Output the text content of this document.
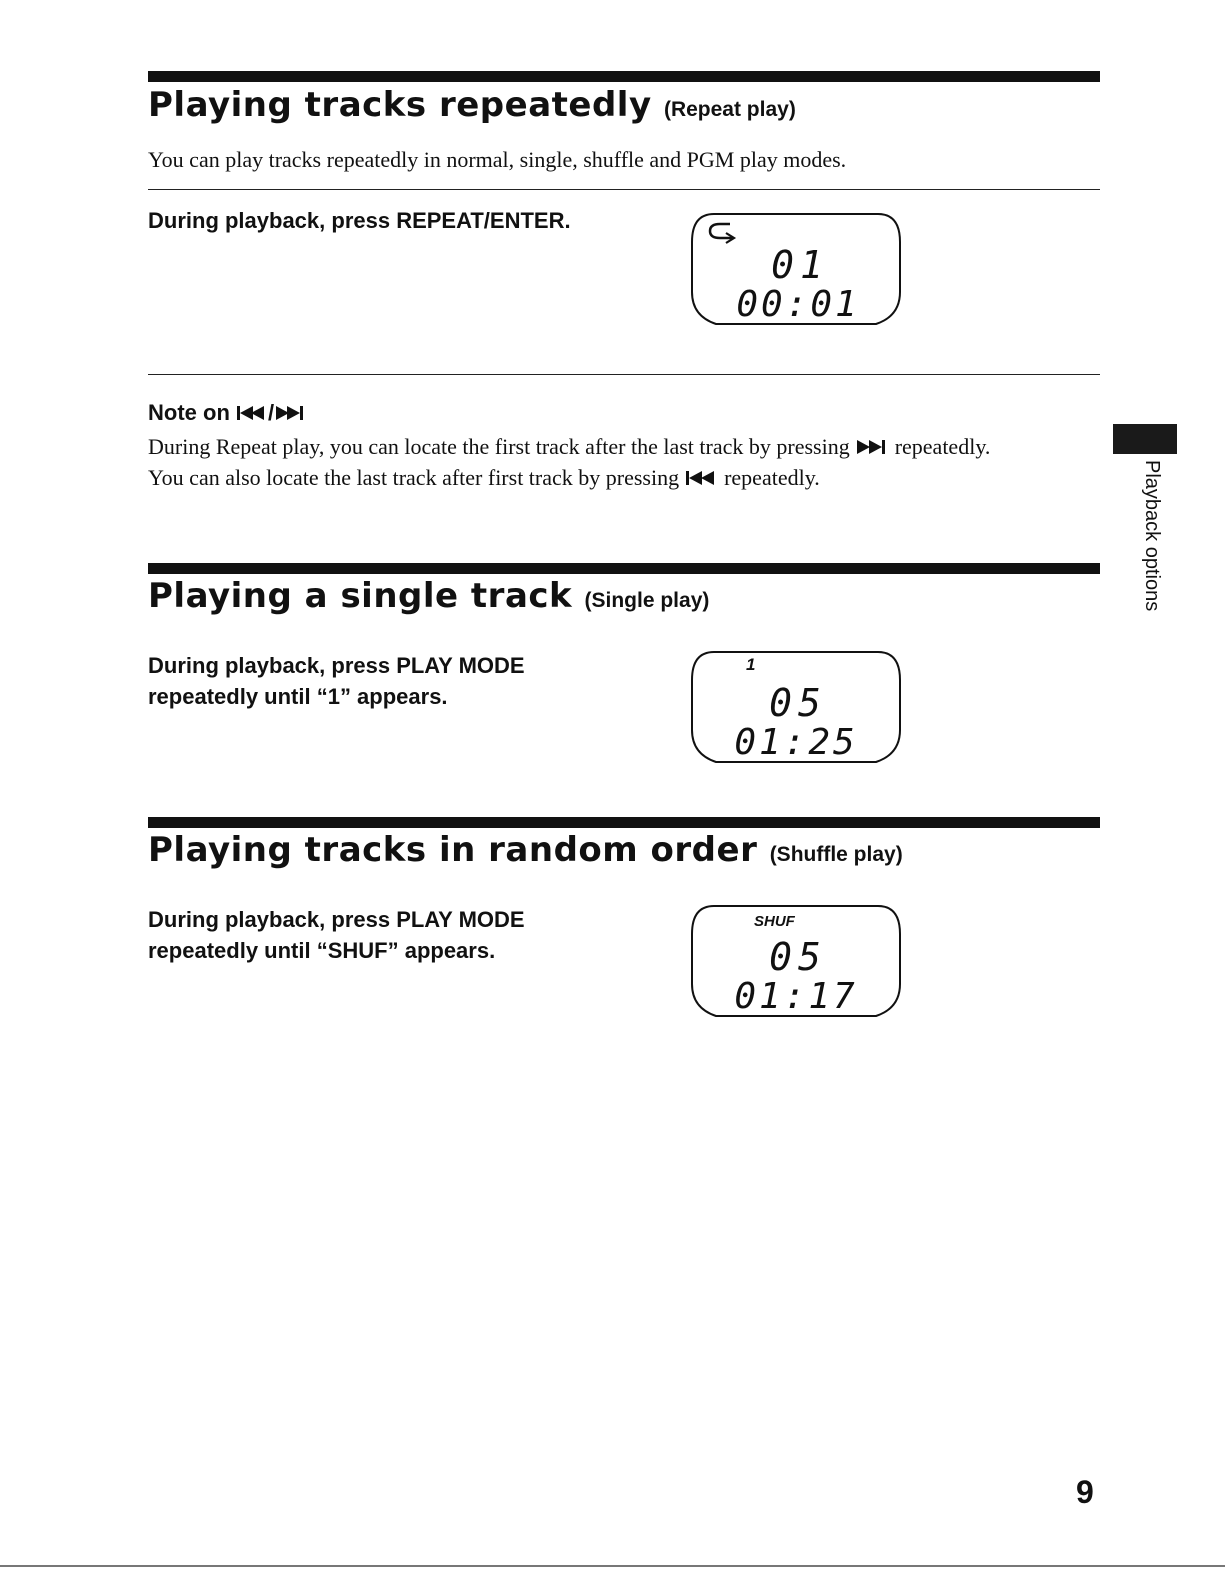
Playing tracks repeatedly (Repeat play)

You can play tracks repeatedly in normal, single, shuffle and PGM play modes.

During playback, press REPEAT/ENTER.

01
00:01

Note on /

During Repeat play, you can locate the first track after the last track by pressing repeatedly.
You can also locate the last track after first track by pressing repeatedly.

Playing a single track (Single play)

During playback, press PLAY MODE
repeatedly until “1” appears.

1
05
01:25
Playing tracks in random order (Shuffle play)

During playback, press PLAY MODE
repeatedly until “SHUF” appears.

SHUF
05
01:17

Playback options

9
